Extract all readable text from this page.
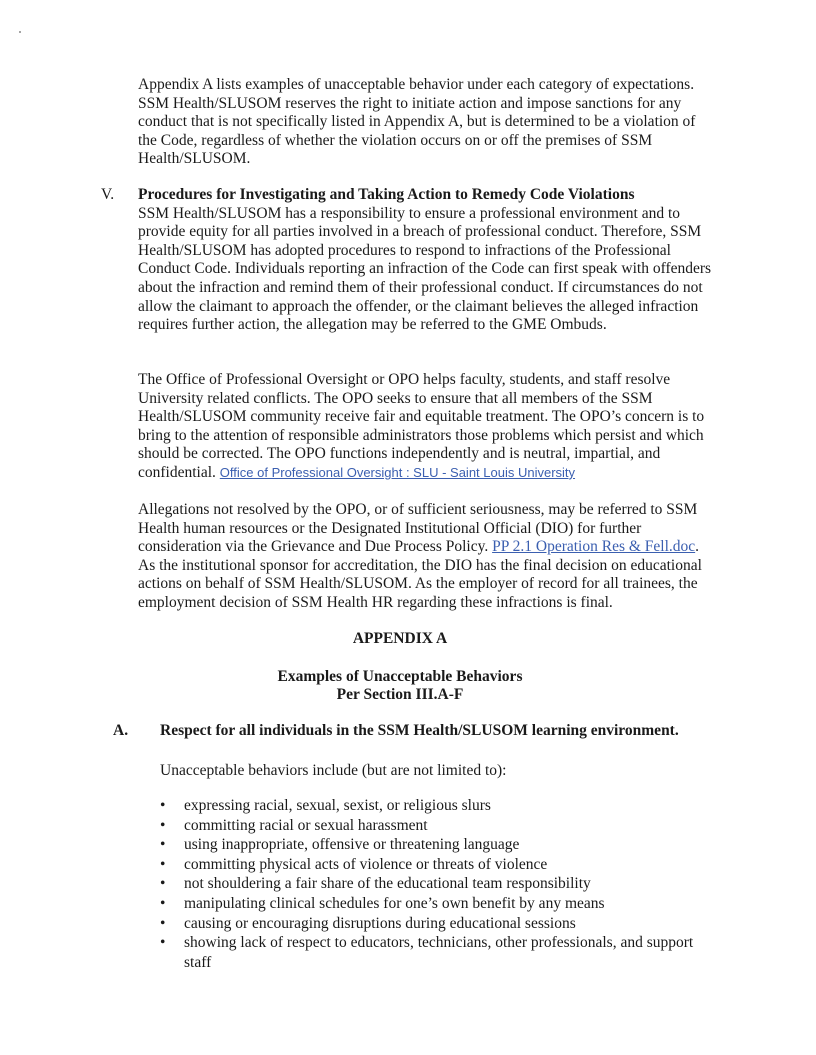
Appendix A lists examples of unacceptable behavior under each category of expectations. SSM Health/SLUSOM reserves the right to initiate action and impose sanctions for any conduct that is not specifically listed in Appendix A, but is determined to be a violation of the Code, regardless of whether the violation occurs on or off the premises of SSM Health/SLUSOM.

V. Procedures for Investigating and Taking Action to Remedy Code Violations
SSM Health/SLUSOM has a responsibility to ensure a professional environment and to provide equity for all parties involved in a breach of professional conduct. Therefore, SSM Health/SLUSOM has adopted procedures to respond to infractions of the Professional Conduct Code. Individuals reporting an infraction of the Code can first speak with offenders about the infraction and remind them of their professional conduct. If circumstances do not allow the claimant to approach the offender, or the claimant believes the alleged infraction requires further action, the allegation may be referred to the GME Ombuds.

The Office of Professional Oversight or OPO helps faculty, students, and staff resolve University related conflicts. The OPO seeks to ensure that all members of the SSM Health/SLUSOM community receive fair and equitable treatment. The OPO’s concern is to bring to the attention of responsible administrators those problems which persist and which should be corrected. The OPO functions independently and is neutral, impartial, and confidential. Office of Professional Oversight : SLU - Saint Louis University

Allegations not resolved by the OPO, or of sufficient seriousness, may be referred to SSM Health human resources or the Designated Institutional Official (DIO) for further consideration via the Grievance and Due Process Policy. PP 2.1 Operation Res & Fell.doc. As the institutional sponsor for accreditation, the DIO has the final decision on educational actions on behalf of SSM Health/SLUSOM. As the employer of record for all trainees, the employment decision of SSM Health HR regarding these infractions is final.

APPENDIX A
Examples of Unacceptable Behaviors
Per Section III.A-F
A. Respect for all individuals in the SSM Health/SLUSOM learning environment.
Unacceptable behaviors include (but are not limited to):
• expressing racial, sexual, sexist, or religious slurs
• committing racial or sexual harassment
• using inappropriate, offensive or threatening language
• committing physical acts of violence or threats of violence
• not shouldering a fair share of the educational team responsibility
• manipulating clinical schedules for one’s own benefit by any means
• causing or encouraging disruptions during educational sessions
• showing lack of respect to educators, technicians, other professionals, and support staff
